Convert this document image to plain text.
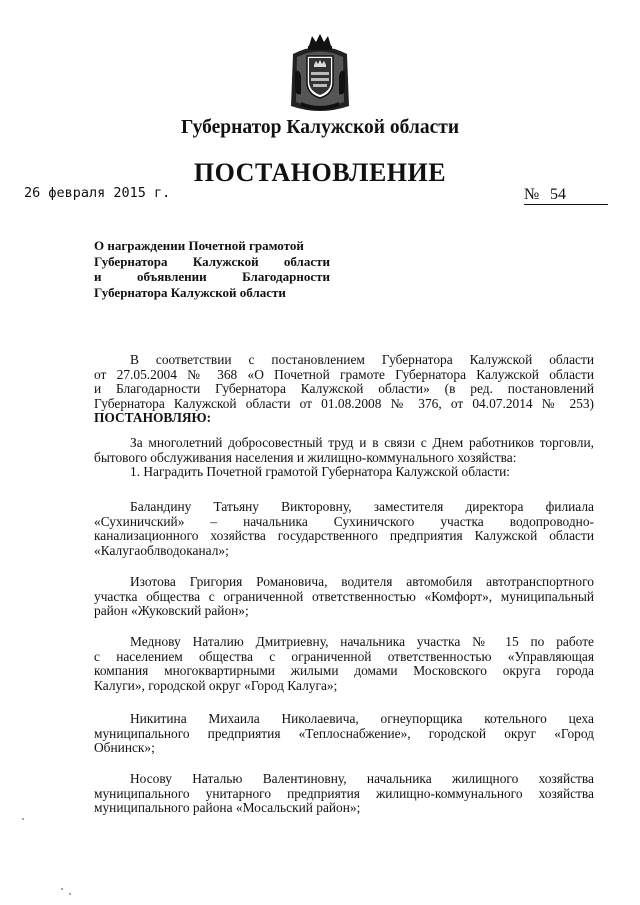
Губернатор Калужской области
ПОСТАНОВЛЕНИЕ
26 февраля 2015 г.	№ 54
О награждении Почетной грамотой
Губернатора Калужской области
и объявлении Благодарности
Губернатора Калужской области
В соответствии с постановлением Губернатора Калужской области
от 27.05.2004 № 368 «О Почетной грамоте Губернатора Калужской области
и Благодарности Губернатора Калужской области» (в ред. постановлений
Губернатора Калужской области от 01.08.2008 № 376, от 04.07.2014 № 253)
ПОСТАНОВЛЯЮ:
За многолетний добросовестный труд и в связи с Днем работников торговли,
бытового обслуживания населения и жилищно-коммунального хозяйства:
1. Наградить Почетной грамотой Губернатора Калужской области:
Баландину Татьяну Викторовну, заместителя директора филиала
«Сухиничский» – начальника Сухиничского участка водопроводно-
канализационного хозяйства государственного предприятия Калужской области
«Калугаоблводоканал»;
Изотова Григория Романовича, водителя автомобиля автотранспортного
участка общества с ограниченной ответственностью «Комфорт», муниципальный
район «Жуковский район»;
Меднову Наталию Дмитриевну, начальника участка № 15 по работе
с населением общества с ограниченной ответственностью «Управляющая
компания многоквартирными жилыми домами Московского округа города
Калуги», городской округ «Город Калуга»;
Никитина Михаила Николаевича, огнеупорщика котельного цеха
муниципального предприятия «Теплоснабжение», городской округ «Город
Обнинск»;
Носову Наталью Валентиновну, начальника жилищного хозяйства
муниципального унитарного предприятия жилищно-коммунального хозяйства
муниципального района «Мосальский район»;
